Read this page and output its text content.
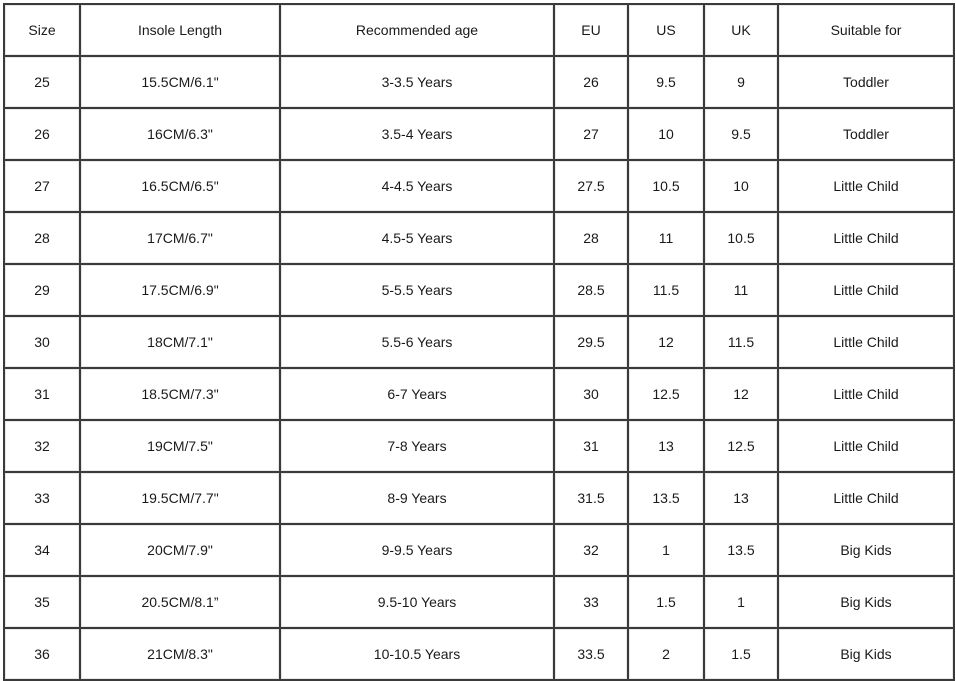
Size	Insole Length	Recommended age	EU	US	UK	Suitable for
25	15.5CM/6.1"	3-3.5 Years	26	9.5	9	Toddler
26	16CM/6.3"	3.5-4 Years	27	10	9.5	Toddler
27	16.5CM/6.5"	4-4.5 Years	27.5	10.5	10	Little Child
28	17CM/6.7"	4.5-5 Years	28	11	10.5	Little Child
29	17.5CM/6.9"	5-5.5 Years	28.5	11.5	11	Little Child
30	18CM/7.1"	5.5-6 Years	29.5	12	11.5	Little Child
31	18.5CM/7.3"	6-7 Years	30	12.5	12	Little Child
32	19CM/7.5"	7-8 Years	31	13	12.5	Little Child
33	19.5CM/7.7"	8-9 Years	31.5	13.5	13	Little Child
34	20CM/7.9"	9-9.5 Years	32	1	13.5	Big Kids
35	20.5CM/8.1”	9.5-10 Years	33	1.5	1	Big Kids
36	21CM/8.3"	10-10.5 Years	33.5	2	1.5	Big Kids
